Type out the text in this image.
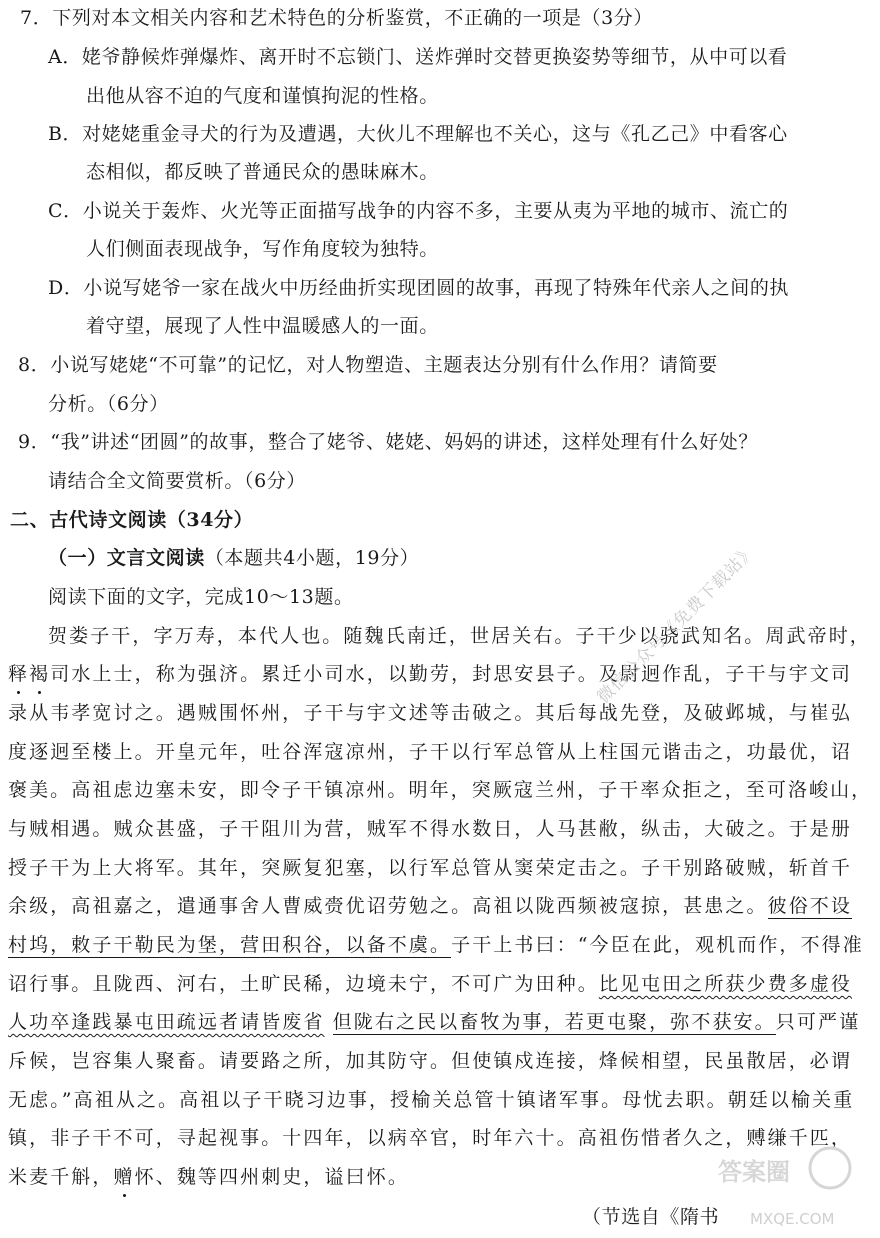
7．下列对本文相关内容和艺术特色的分析鉴赏，不正确的一项是（3分）
A．姥爷静候炸弹爆炸、离开时不忘锁门、送炸弹时交替更换姿势等细节，从中可以看
出他从容不迫的气度和谨慎拘泥的性格。
B．对姥姥重金寻犬的行为及遭遇，大伙儿不理解也不关心，这与《孔乙己》中看客心
态相似，都反映了普通民众的愚昧麻木。
C．小说关于轰炸、火光等正面描写战争的内容不多，主要从夷为平地的城市、流亡的
人们侧面表现战争，写作角度较为独特。
D．小说写姥爷一家在战火中历经曲折实现团圆的故事，再现了特殊年代亲人之间的执
着守望，展现了人性中温暖感人的一面。
8．小说写姥姥“不可靠”的记忆，对人物塑造、主题表达分别有什么作用？请简要
分析。（6分）
9．“我”讲述“团圆”的故事，整合了姥爷、姥姥、妈妈的讲述，这样处理有什么好处？
请结合全文简要赏析。（6分）
二、古代诗文阅读（34分）
（一）文言文阅读（本题共4小题，19分）
阅读下面的文字，完成10～13题。
贺娄子干，字万寿，本代人也。随魏氏南迁，世居关右。子干少以骁武知名。周武帝时，
释褐司水上士，称为强济。累迁小司水，以勤劳，封思安县子。及尉迥作乱，子干与宇文司
录从韦孝宽讨之。遇贼围怀州，子干与宇文述等击破之。其后每战先登，及破邺城，与崔弘
度逐迥至楼上。开皇元年，吐谷浑寇凉州，子干以行军总管从上柱国元谐击之，功最优，诏
褒美。高祖虑边塞未安，即令子干镇凉州。明年，突厥寇兰州，子干率众拒之，至可洛峻山，
与贼相遇。贼众甚盛，子干阻川为营，贼军不得水数日，人马甚敝，纵击，大破之。于是册
授子干为上大将军。其年，突厥复犯塞，以行军总管从窦荣定击之。子干别路破贼，斩首千
余级，高祖嘉之，遣通事舍人曹威赍优诏劳勉之。高祖以陇西频被寇掠，甚患之。彼俗不设
村坞，敕子干勒民为堡，营田积谷，以备不虞。子干上书曰：“今臣在此，观机而作，不得准
诏行事。且陇西、河右，土旷民稀，边境未宁，不可广为田种。比见屯田之所获少费多虚役
人功卒逢践暴屯田疏远者请皆废省 但陇右之民以畜牧为事，若更屯聚，弥不获安。只可严谨
斥候，岂容集人聚畜。请要路之所，加其防守。但使镇戍连接，烽候相望，民虽散居，必谓
无虑。”高祖从之。高祖以子干晓习边事，授榆关总管十镇诸军事。母忧去职。朝廷以榆关重
镇，非子干不可，寻起视事。十四年，以病卒官，时年六十。高祖伤惜者久之，赙缣千匹，
米麦千斛，赠怀、魏等四州刺史，谥曰怀。
（节选自《隋书
微信公众号《免费下载站》
答案圈
MXQE.COM
